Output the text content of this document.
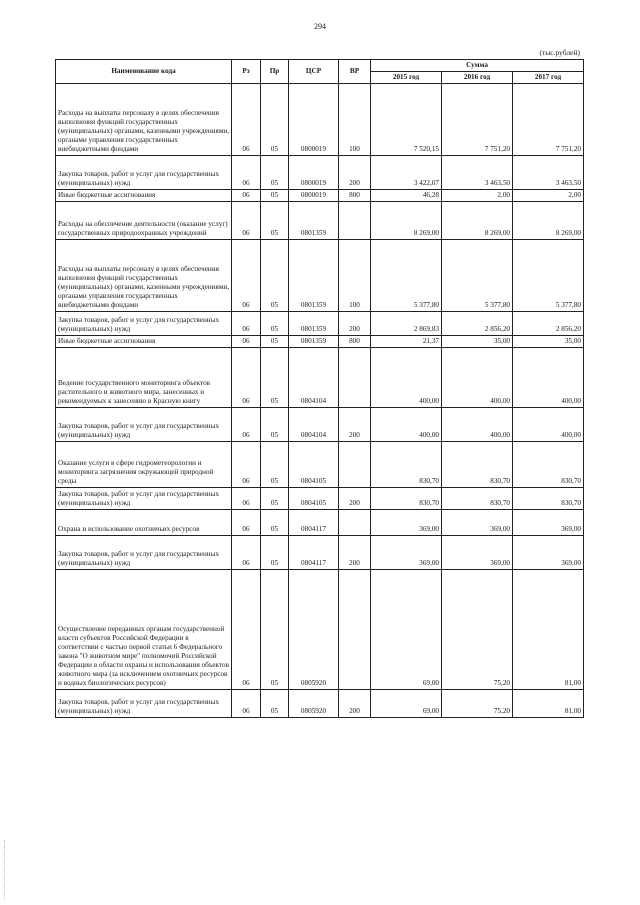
294
(тыс.рублей)
Наименование кода	Рз	Пр	ЦСР	ВР	Сумма		
					2015 год	2016 год	2017 год
Расходы на выплаты персоналу в целях обеспечения выполнения функций государственных (муниципальных) органами, казенными учреждениями, органами управления государственных внебюджетными фондами	06	05	0800019	100	7 520,15	7 751,20	7 751,20
Закупка товаров, работ и услуг для государственных (муниципальных) нужд	06	05	0800019	200	3 422,07	3 463,50	3 463,50
Иные бюджетные ассигнования	06	05	0800019	800	46,28	2,00	2,00
Расходы на обеспечение деятельности (оказание услуг) государственных природоохранных учреждений	06	05	0801359		8 269,00	8 269,00	8 269,00
Расходы на выплаты персоналу в целях обеспечения выполнения функций государственных (муниципальных) органами, казенными учреждениями, органами управления государственных внебюджетными фондами	06	05	0801359	100	5 377,80	5 377,80	5 377,80
Закупка товаров, работ и услуг для государственных (муниципальных) нужд	06	05	0801359	200	2 869,83	2 856,20	2 856,20
Иные бюджетные ассигнования	06	05	0801359	800	21,37	35,00	35,00
Ведение государственного мониторинга объектов растительного и животного мира, занесенных и рекомендуемых к занесению в Красную книгу	06	05	0804104		400,00	400,00	400,00
Закупка товаров, работ и услуг для государственных (муниципальных) нужд	06	05	0804104	200	400,00	400,00	400,00
Оказание услуги в сфере гидрометеорологии и мониторинга загрязнения окружающей природной среды	06	05	0804105		830,70	830,70	830,70
Закупка товаров, работ и услуг для государственных (муниципальных) нужд	06	05	0804105	200	830,70	830,70	830,70
Охрана и использование охотничьих ресурсов	06	05	0804117		369,00	369,00	369,00
Закупка товаров, работ и услуг для государственных (муниципальных) нужд	06	05	0804117	200	369,00	369,00	369,00
Осуществление переданных органам государственной власти субъектов Российской Федерации в соответствии с частью первой статьи 6 Федерального закона "О животном мире" полномочий Российской Федерации в области охраны и использования объектов животного мира (за исключением охотничьих ресурсов и водных биологических ресурсов)	06	05	0805920		69,00	75,20	81,00
Закупка товаров, работ и услуг для государственных (муниципальных) нужд	06	05	0805920	200	69,00	75,20	81,00
